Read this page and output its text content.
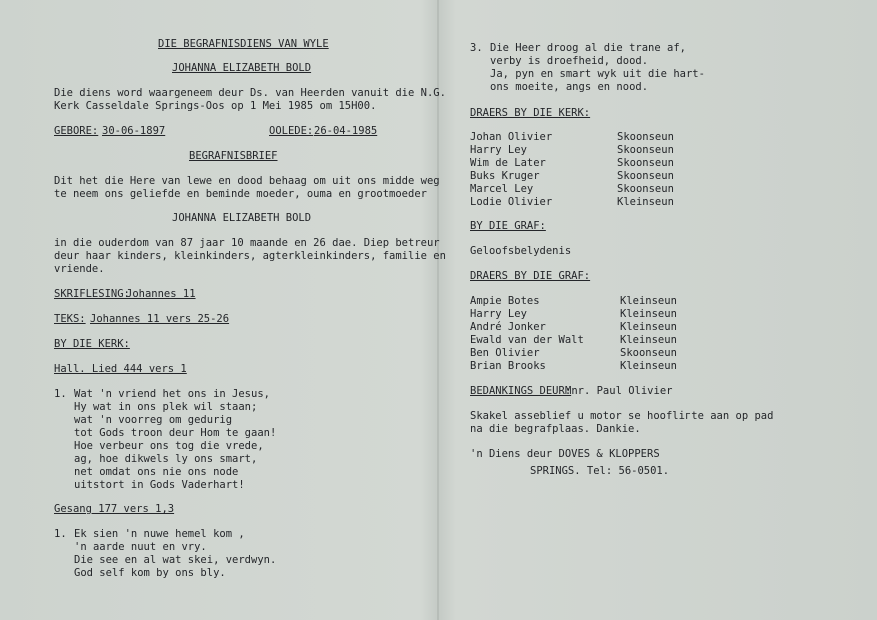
DIE BEGRAFNISDIENS VAN WYLE
JOHANNA ELIZABETH BOLD
Die diens word waargeneem deur Ds. van Heerden vanuit die N.G.
Kerk Casseldale Springs-Oos op 1 Mei 1985 om 15H00.
GEBORE: 30-06-1897	OOLEDE: 26-04-1985
BEGRAFNISBRIEF
Dit het die Here van lewe en dood behaag om uit ons midde weg
te neem ons geliefde en beminde moeder, ouma en grootmoeder
JOHANNA ELIZABETH BOLD
in die ouderdom van 87 jaar 10 maande en 26 dae. Diep betreur
deur haar kinders, kleinkinders, agterkleinkinders, familie en
vriende.
SKRIFLESING:
Johannes 11
TEKS: Johannes 11 vers 25-26
BY DIE KERK:
Hall. Lied 444 vers 1
1. Wat 'n vriend het ons in Jesus,
Hy wat in ons plek wil staan;
wat 'n voorreg om gedurig
tot Gods troon deur Hom te gaan!
Hoe verbeur ons tog die vrede,
ag, hoe dikwels ly ons smart,
net omdat ons nie ons node
uitstort in Gods Vaderhart!
Gesang 177 vers 1,3
1. Ek sien 'n nuwe hemel kom ,
'n aarde nuut en vry.
Die see en al wat skei, verdwyn.
God self kom by ons bly.
3. Die Heer droog al die trane af,
verby is droefheid, dood.
Ja, pyn en smart wyk uit die hart-
ons moeite, angs en nood.
DRAERS BY DIE KERK:
Johan Olivier	Skoonseun
Harry Ley	Skoonseun
Wim de Later	Skoonseun
Buks Kruger	Skoonseun
Marcel Ley	Skoonseun
Lodie Olivier	Kleinseun
BY DIE GRAF:
Geloofsbelydenis
DRAERS BY DIE GRAF:
Ampie Botes	Kleinseun
Harry Ley	Kleinseun
André Jonker	Kleinseun
Ewald van der Walt	Kleinseun
Ben Olivier	Skoonseun
Brian Brooks	Kleinseun
BEDANKINGS DEUR:
Mnr. Paul Olivier
Skakel asseblief u motor se hooflігte aan op pad
na die begrafplaas. Dankie.
'n Diens deur DOVES & KLOPPERS
SPRINGS. Tel: 56-0501.
